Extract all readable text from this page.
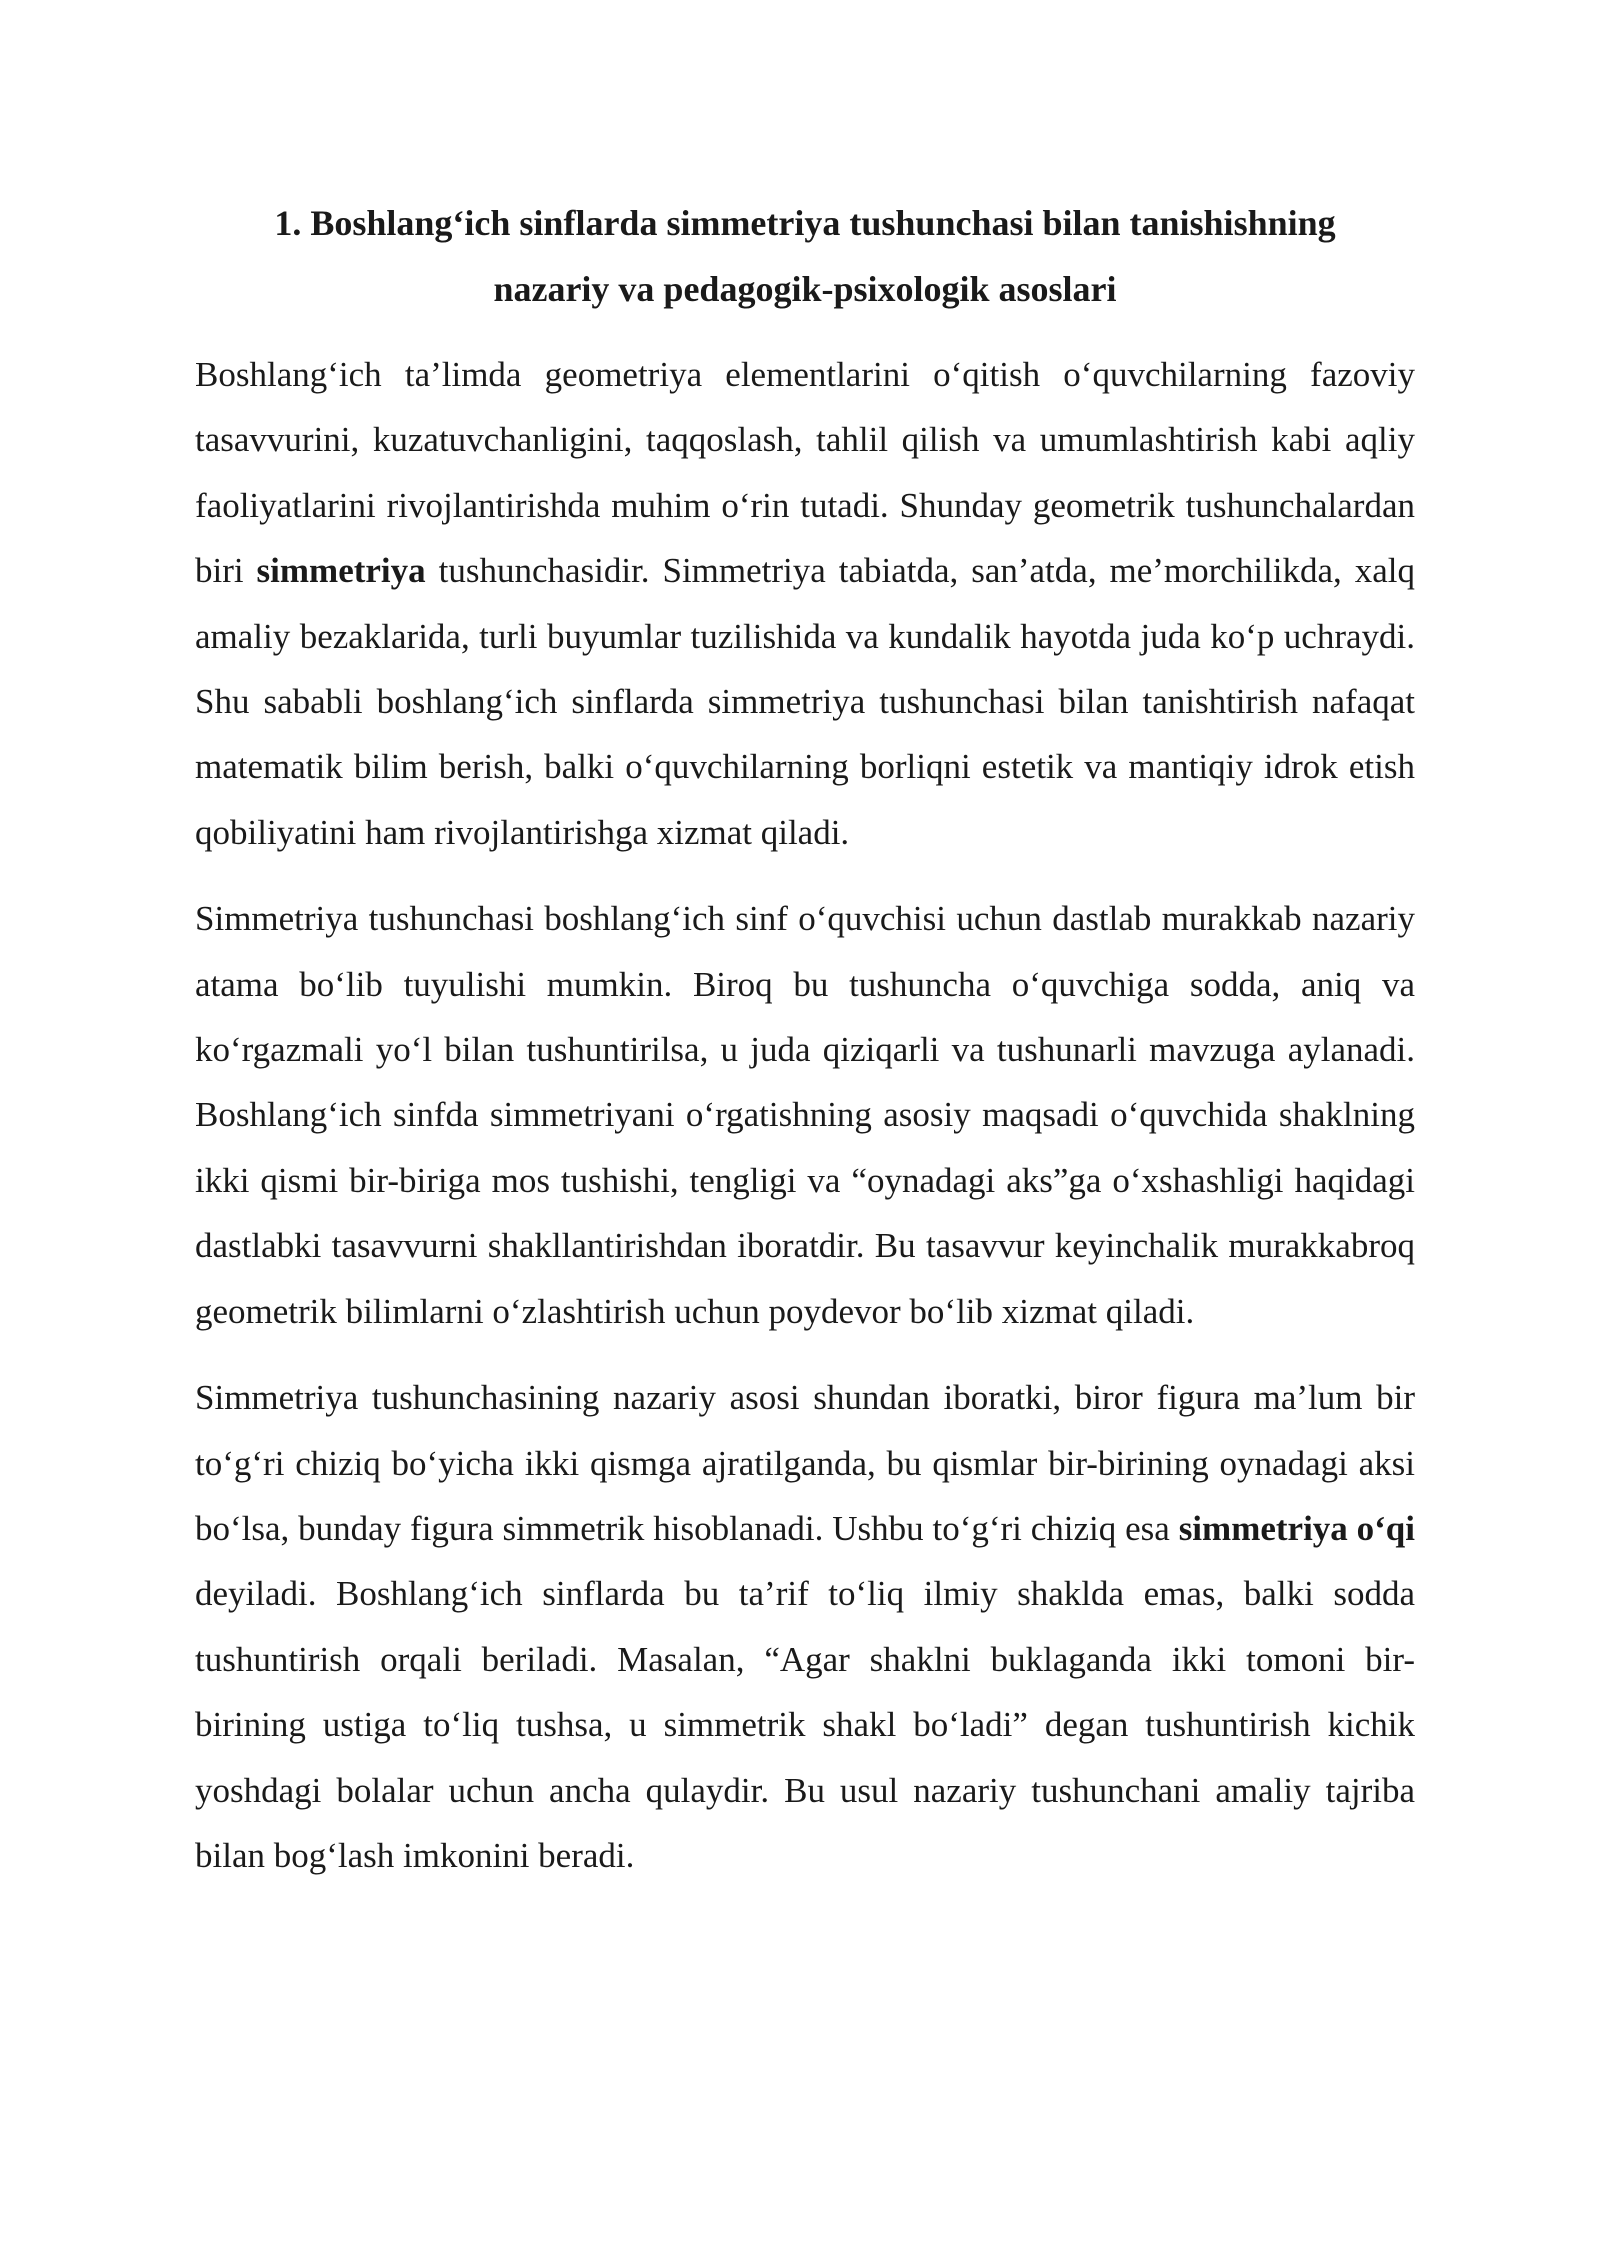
1. Boshlang‘ich sinflarda simmetriya tushunchasi bilan tanishishning
nazariy va pedagogik-psixologik asoslari

Boshlang‘ich ta’limda geometriya elementlarini o‘qitish o‘quvchilarning fazoviy tasavvurini, kuzatuvchanligini, taqqoslash, tahlil qilish va umumlashtirish kabi aqliy faoliyatlarini rivojlantirishda muhim o‘rin tutadi. Shunday geometrik tushunchalardan biri simmetriya tushunchasidir. Simmetriya tabiatda, san’atda, me’morchilikda, xalq amaliy bezaklarida, turli buyumlar tuzilishida va kundalik hayotda juda ko‘p uchraydi. Shu sababli boshlang‘ich sinflarda simmetriya tushunchasi bilan tanishtirish nafaqat matematik bilim berish, balki o‘quvchilarning borliqni estetik va mantiqiy idrok etish qobiliyatini ham rivojlantirishga xizmat qiladi.

Simmetriya tushunchasi boshlang‘ich sinf o‘quvchisi uchun dastlab murakkab nazariy atama bo‘lib tuyulishi mumkin. Biroq bu tushuncha o‘quvchiga sodda, aniq va ko‘rgazmali yo‘l bilan tushuntirilsa, u juda qiziqarli va tushunarli mavzuga aylanadi. Boshlang‘ich sinfda simmetriyani o‘rgatishning asosiy maqsadi o‘quvchida shaklning ikki qismi bir-biriga mos tushishi, tengligi va “oynadagi aks”ga o‘xshashligi haqidagi dastlabki tasavvurni shakllantirishdan iboratdir. Bu tasavvur keyinchalik murakkabroq geometrik bilimlarni o‘zlashtirish uchun poydevor bo‘lib xizmat qiladi.

Simmetriya tushunchasining nazariy asosi shundan iboratki, biror figura ma’lum bir to‘g‘ri chiziq bo‘yicha ikki qismga ajratilganda, bu qismlar bir-birining oynadagi aksi bo‘lsa, bunday figura simmetrik hisoblanadi. Ushbu to‘g‘ri chiziq esa simmetriya o‘qi deyiladi. Boshlang‘ich sinflarda bu ta’rif to‘liq ilmiy shaklda emas, balki sodda tushuntirish orqali beriladi. Masalan, “Agar shaklni buklaganda ikki tomoni bir-birining ustiga to‘liq tushsa, u simmetrik shakl bo‘ladi” degan tushuntirish kichik yoshdagi bolalar uchun ancha qulaydir. Bu usul nazariy tushunchani amaliy tajriba bilan bog‘lash imkonini beradi.
